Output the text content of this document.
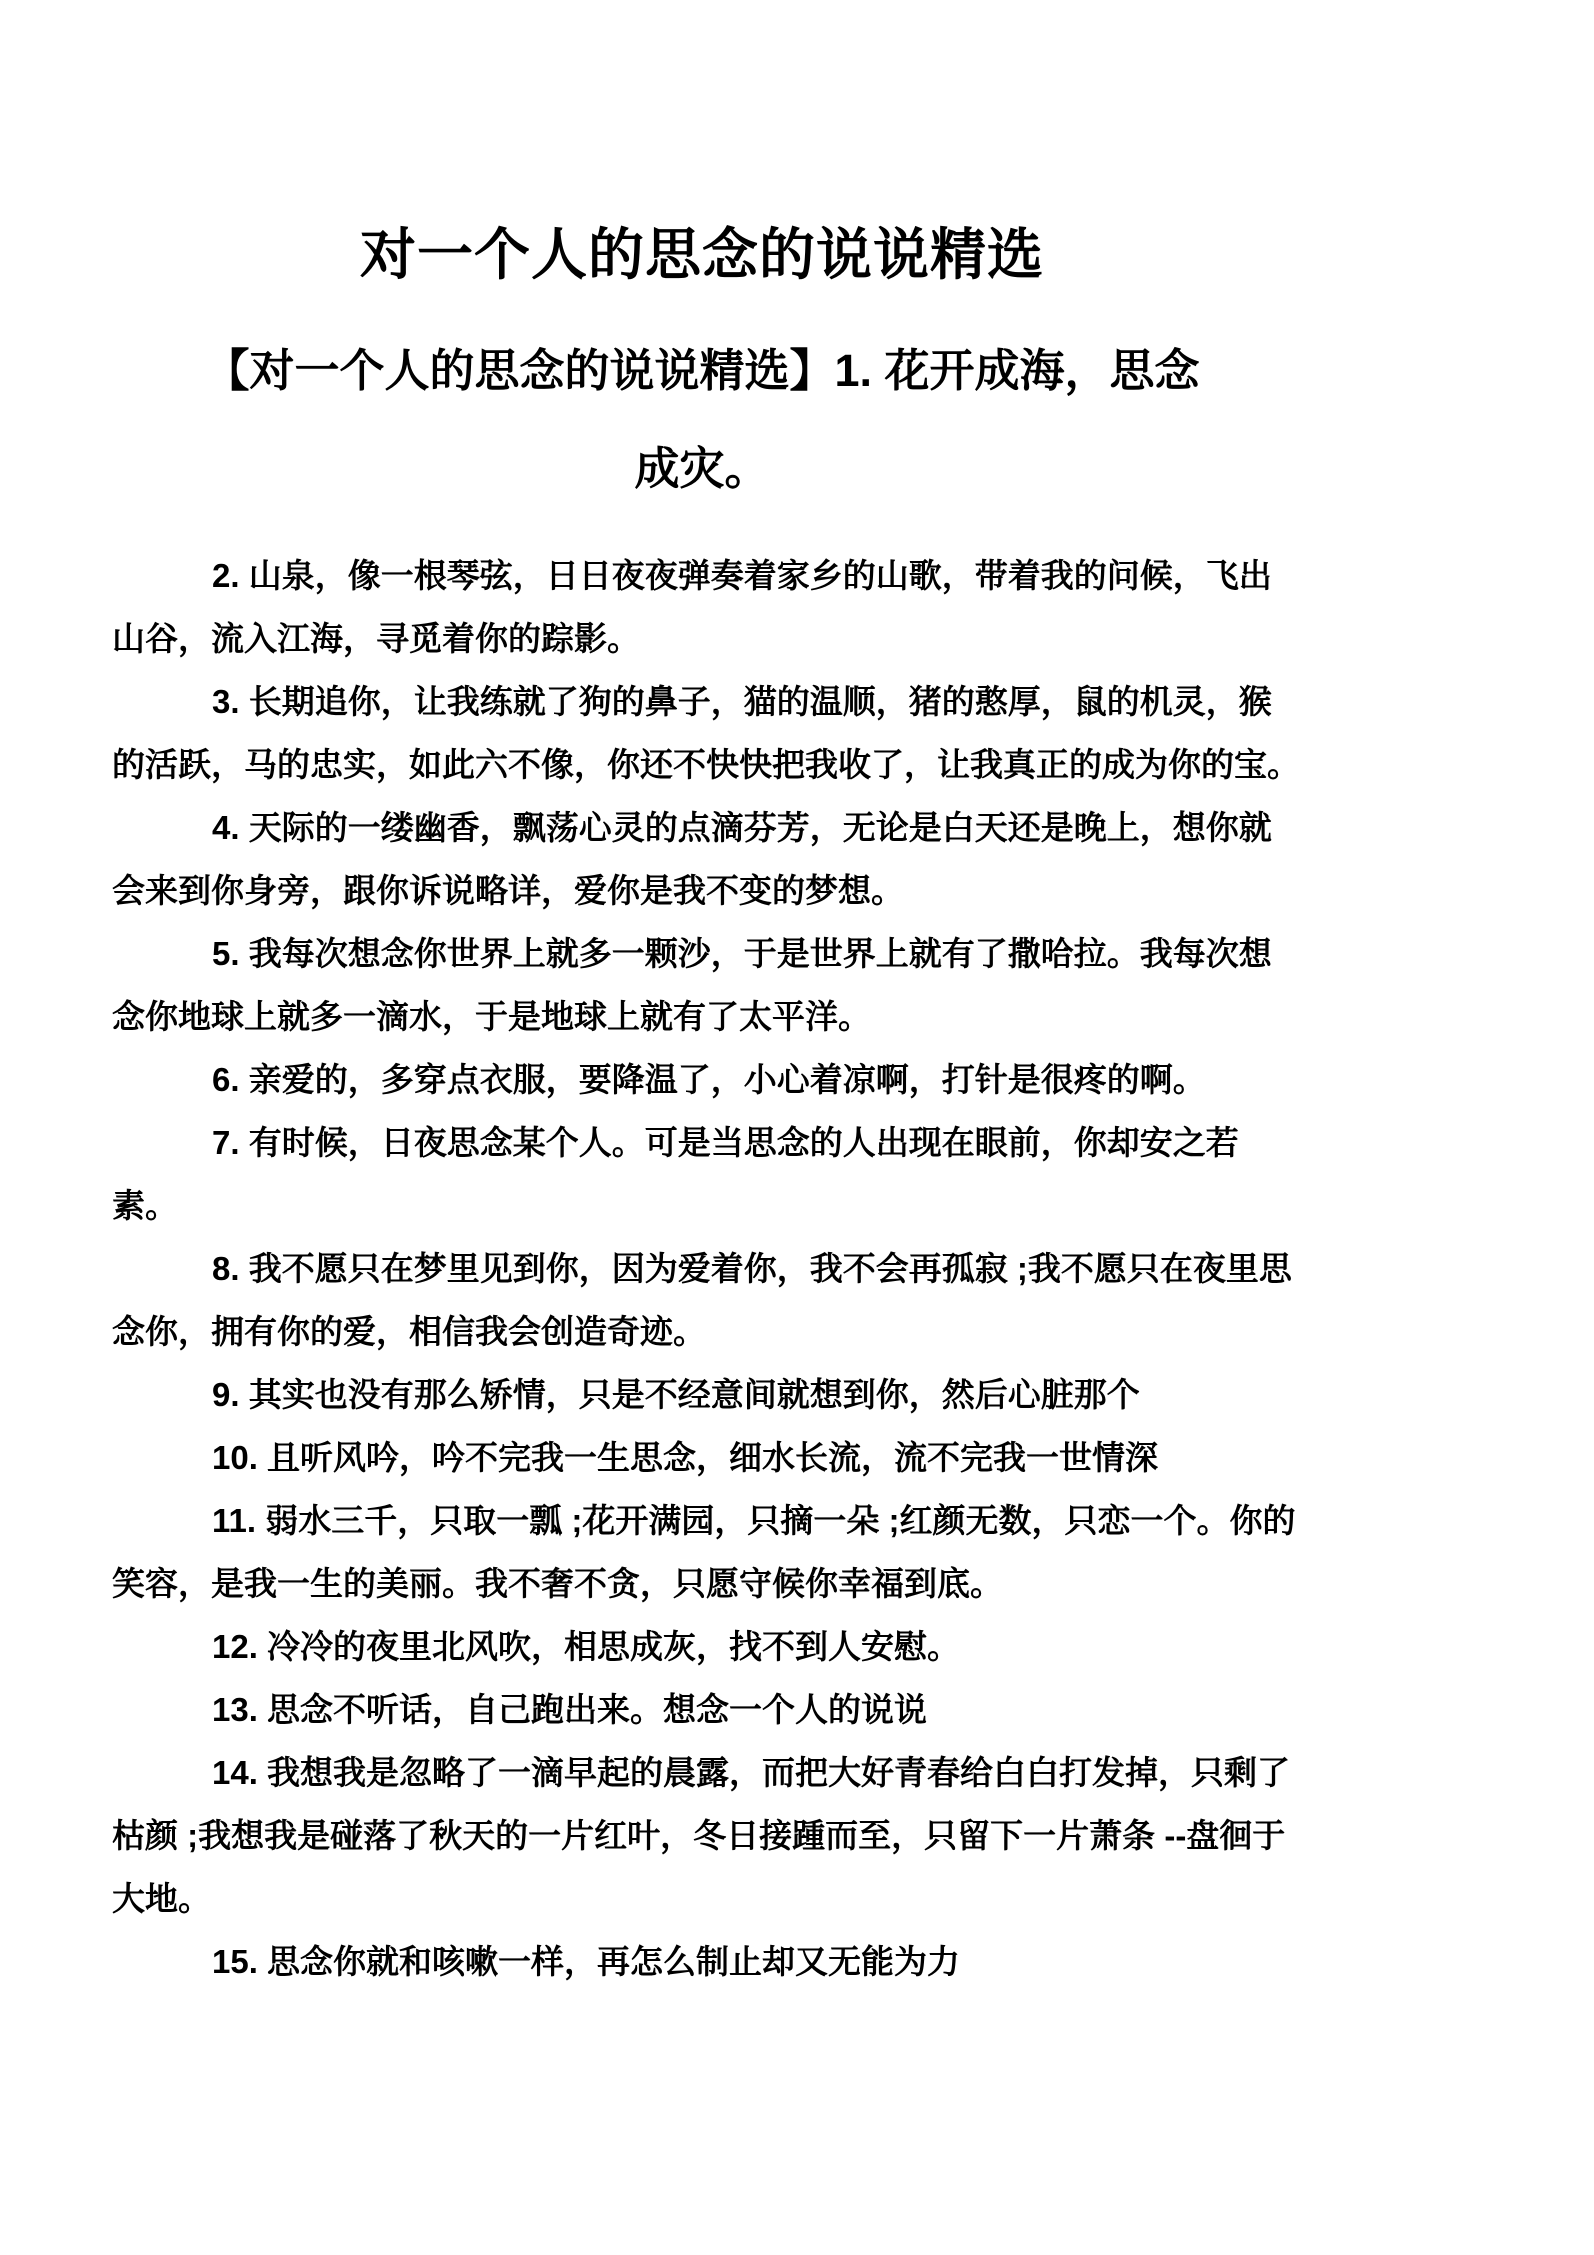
对一个人的思念的说说精选
【对一个人的思念的说说精选】1. 花开成海，思念
成灾。

2. 山泉，像一根琴弦，日日夜夜弹奏着家乡的山歌，带着我的问候，飞出山谷，流入江海，寻觅着你的踪影。

3. 长期追你，让我练就了狗的鼻子，猫的温顺，猪的憨厚，鼠的机灵，猴的活跃，马的忠实，如此六不像，你还不快快把我收了，让我真正的成为你的宝。

4. 天际的一缕幽香，飘荡心灵的点滴芬芳，无论是白天还是晚上，想你就会来到你身旁，跟你诉说略详，爱你是我不变的梦想。

5. 我每次想念你世界上就多一颗沙，于是世界上就有了撒哈拉。我每次想念你地球上就多一滴水，于是地球上就有了太平洋。

6. 亲爱的，多穿点衣服，要降温了，小心着凉啊，打针是很疼的啊。

7. 有时候，日夜思念某个人。可是当思念的人出现在眼前，你却安之若素。

8. 我不愿只在梦里见到你，因为爱着你，我不会再孤寂 ;我不愿只在夜里思念你，拥有你的爱，相信我会创造奇迹。

9. 其实也没有那么矫情，只是不经意间就想到你，然后心脏那个

10. 且听风吟，吟不完我一生思念，细水长流，流不完我一世情深

11. 弱水三千，只取一瓢 ;花开满园，只摘一朵 ;红颜无数，只恋一个。你的笑容，是我一生的美丽。我不奢不贪，只愿守候你幸福到底。

12. 冷冷的夜里北风吹，相思成灰，找不到人安慰。

13. 思念不听话，自己跑出来。想念一个人的说说

14. 我想我是忽略了一滴早起的晨露，而把大好青春给白白打发掉，只剩了枯颜 ;我想我是碰落了秋天的一片红叶，冬日接踵而至，只留下一片萧条 --盘徊于大地。

15. 思念你就和咳嗽一样，再怎么制止却又无能为力
